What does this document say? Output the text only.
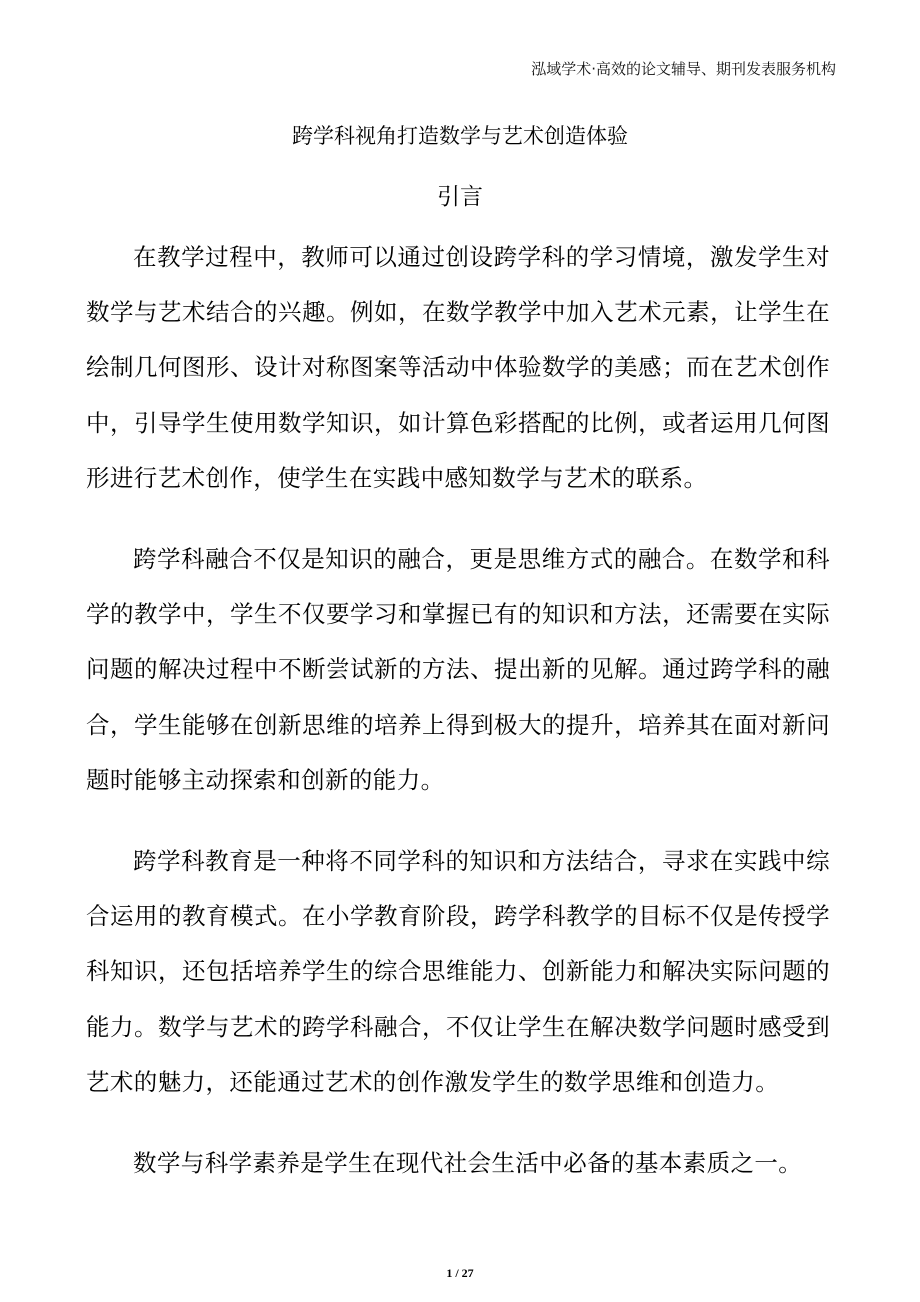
泓域学术·高效的论文辅导、期刊发表服务机构
跨学科视角打造数学与艺术创造体验
引言

在教学过程中，教师可以通过创设跨学科的学习情境，激发学生对数学与艺术结合的兴趣。例如，在数学教学中加入艺术元素，让学生在绘制几何图形、设计对称图案等活动中体验数学的美感；而在艺术创作中，引导学生使用数学知识，如计算色彩搭配的比例，或者运用几何图形进行艺术创作，使学生在实践中感知数学与艺术的联系。

跨学科融合不仅是知识的融合，更是思维方式的融合。在数学和科学的教学中，学生不仅要学习和掌握已有的知识和方法，还需要在实际问题的解决过程中不断尝试新的方法、提出新的见解。通过跨学科的融合，学生能够在创新思维的培养上得到极大的提升，培养其在面对新问题时能够主动探索和创新的能力。

跨学科教育是一种将不同学科的知识和方法结合，寻求在实践中综合运用的教育模式。在小学教育阶段，跨学科教学的目标不仅是传授学科知识，还包括培养学生的综合思维能力、创新能力和解决实际问题的能力。数学与艺术的跨学科融合，不仅让学生在解决数学问题时感受到艺术的魅力，还能通过艺术的创作激发学生的数学思维和创造力。

数学与科学素养是学生在现代社会生活中必备的基本素质之一。

1 / 27
